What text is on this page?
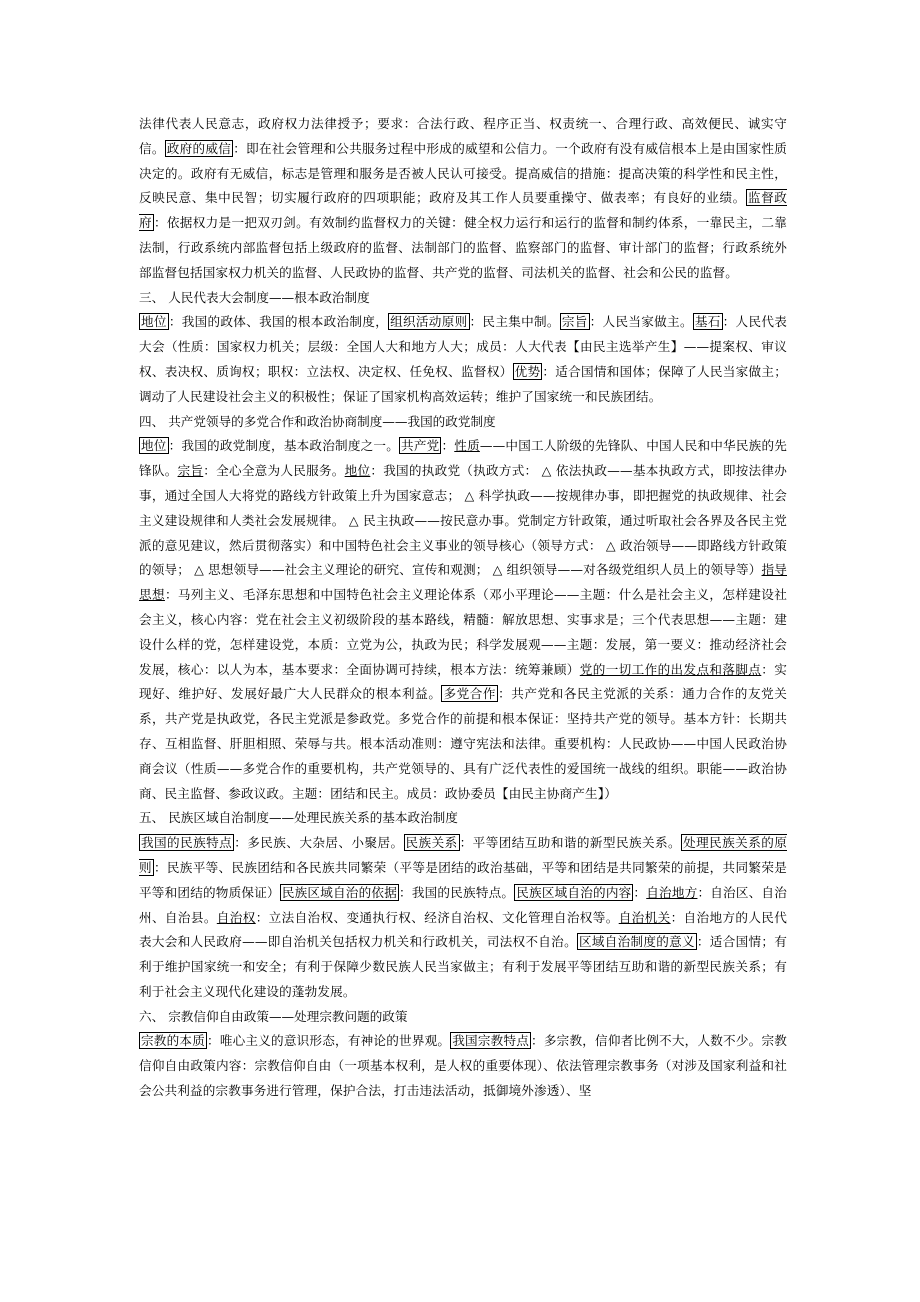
法律代表人民意志，政府权力法律授予；要求：合法行政、程序正当、权责统一、合理行政、高效便民、诚实守信。 政府的威信 ：即在社会管理和公共服务过程中形成的威望和公信力。一个政府有没有威信根本上是由国家性质决定的。政府有无威信，标志是管理和服务是否被人民认可接受。提高威信的措施：提高决策的科学性和民主性，反映民意、集中民智；切实履行政府的四项职能；政府及其工作人员要重操守、做表率；有良好的业绩。 监督政府 ：依据权力是一把双刃剑。有效制约监督权力的关键：健全权力运行和运行的监督和制约体系，一靠民主，二靠法制，行政系统内部监督包括上级政府的监督、法制部门的监督、监察部门的监督、审计部门的监督；行政系统外部监督包括国家权力机关的监督、人民政协的监督、共产党的监督、司法机关的监督、社会和公民的监督。

三、 人民代表大会制度——根本政治制度

地位 ：我国的政体、我国的根本政治制度， 组织活动原则 ：民主集中制。 宗旨 ：人民当家做主。 基石 ：人民代表大会（性质：国家权力机关；层级：全国人大和地方人大；成员：人大代表【由民主选举产生】——提案权、审议权、表决权、质询权；职权：立法权、决定权、任免权、监督权） 优势 ：适合国情和国体；保障了人民当家做主；调动了人民建设社会主义的积极性；保证了国家机构高效运转；维护了国家统一和民族团结。

四、 共产党领导的多党合作和政治协商制度——我国的政党制度

地位 ：我国的政党制度，基本政治制度之一。 共产党 ：性质——中国工人阶级的先锋队、中国人民和中华民族的先锋队。宗旨：全心全意为人民服务。地位：我国的执政党（执政方式： △ 依法执政——基本执政方式，即按法律办事，通过全国人大将党的路线方针政策上升为国家意志； △ 科学执政——按规律办事，即把握党的执政规律、社会主义建设规律和人类社会发展规律。 △ 民主执政——按民意办事。党制定方针政策，通过听取社会各界及各民主党派的意见建议，然后贯彻落实）和中国特色社会主义事业的领导核心（领导方式： △ 政治领导——即路线方针政策的领导； △ 思想领导——社会主义理论的研究、宣传和观测； △ 组织领导——对各级党组织人员上的领导等）指导思想：马列主义、毛泽东思想和中国特色社会主义理论体系（邓小平理论——主题：什么是社会主义，怎样建设社会主义，核心内容：党在社会主义初级阶段的基本路线，精髓：解放思想、实事求是；三个代表思想——主题：建设什么样的党，怎样建设党，本质：立党为公，执政为民；科学发展观——主题：发展，第一要义：推动经济社会发展，核心：以人为本，基本要求：全面协调可持续，根本方法：统筹兼顾）党的一切工作的出发点和落脚点：实现好、维护好、发展好最广大人民群众的根本利益。 多党合作 ：共产党和各民主党派的关系：通力合作的友党关系，共产党是执政党，各民主党派是参政党。多党合作的前提和根本保证：坚持共产党的领导。基本方针：长期共存、互相监督、肝胆相照、荣辱与共。根本活动准则：遵守宪法和法律。重要机构：人民政协——中国人民政治协商会议（性质——多党合作的重要机构，共产党领导的、具有广泛代表性的爱国统一战线的组织。职能——政治协商、民主监督、参政议政。主题：团结和民主。成员：政协委员【由民主协商产生】）

五、 民族区域自治制度——处理民族关系的基本政治制度

我国的民族特点 ：多民族、大杂居、小聚居。 民族关系 ：平等团结互助和谐的新型民族关系。 处理民族关系的原则 ：民族平等、民族团结和各民族共同繁荣（平等是团结的政治基础，平等和团结是共同繁荣的前提，共同繁荣是平等和团结的物质保证） 民族区域自治的依据 ：我国的民族特点。 民族区域自治的内容 ：自治地方：自治区、自治州、自治县。自治权：立法自治权、变通执行权、经济自治权、文化管理自治权等。自治机关：自治地方的人民代表大会和人民政府——即自治机关包括权力机关和行政机关，司法权不自治。 区域自治制度的意义 ：适合国情；有利于维护国家统一和安全；有利于保障少数民族人民当家做主；有利于发展平等团结互助和谐的新型民族关系；有利于社会主义现代化建设的蓬勃发展。

六、 宗教信仰自由政策——处理宗教问题的政策

宗教的本质 ：唯心主义的意识形态，有神论的世界观。 我国宗教特点 ：多宗教，信仰者比例不大，人数不少。宗教信仰自由政策内容：宗教信仰自由（一项基本权利，是人权的重要体现）、依法管理宗教事务（对涉及国家利益和社会公共利益的宗教事务进行管理，保护合法，打击违法活动，抵御境外渗透）、坚
